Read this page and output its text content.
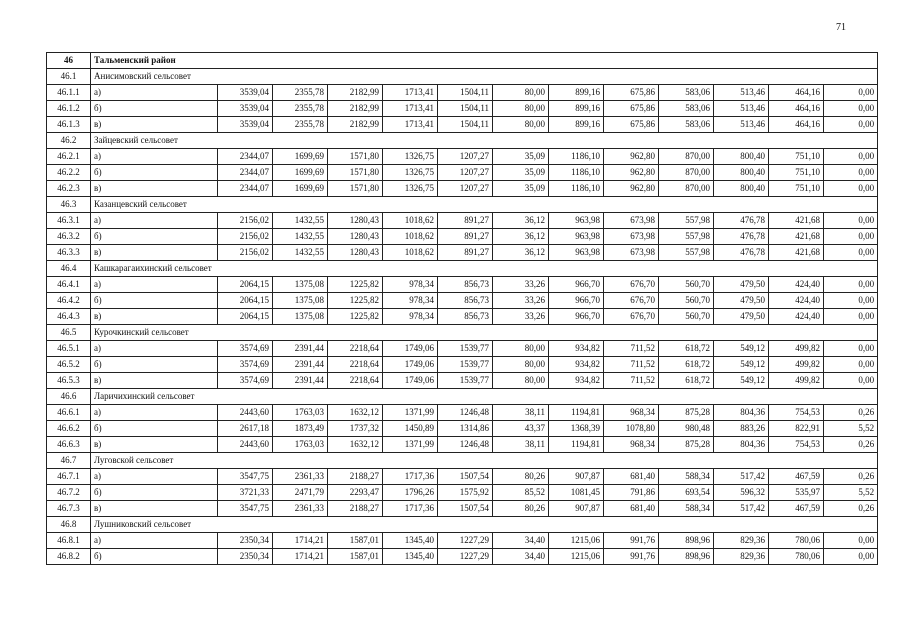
71
46	Тальменский район												
46.1	Анисимовский сельсовет												
46.1.1	а)	3539,04	2355,78	2182,99	1713,41	1504,11	80,00	899,16	675,86	583,06	513,46	464,16	0,00
46.1.2	б)	3539,04	2355,78	2182,99	1713,41	1504,11	80,00	899,16	675,86	583,06	513,46	464,16	0,00
46.1.3	в)	3539,04	2355,78	2182,99	1713,41	1504,11	80,00	899,16	675,86	583,06	513,46	464,16	0,00
46.2	Зайцевский сельсовет												
46.2.1	а)	2344,07	1699,69	1571,80	1326,75	1207,27	35,09	1186,10	962,80	870,00	800,40	751,10	0,00
46.2.2	б)	2344,07	1699,69	1571,80	1326,75	1207,27	35,09	1186,10	962,80	870,00	800,40	751,10	0,00
46.2.3	в)	2344,07	1699,69	1571,80	1326,75	1207,27	35,09	1186,10	962,80	870,00	800,40	751,10	0,00
46.3	Казанцевский сельсовет												
46.3.1	а)	2156,02	1432,55	1280,43	1018,62	891,27	36,12	963,98	673,98	557,98	476,78	421,68	0,00
46.3.2	б)	2156,02	1432,55	1280,43	1018,62	891,27	36,12	963,98	673,98	557,98	476,78	421,68	0,00
46.3.3	в)	2156,02	1432,55	1280,43	1018,62	891,27	36,12	963,98	673,98	557,98	476,78	421,68	0,00
46.4	Кашкарагаихинский сельсовет												
46.4.1	а)	2064,15	1375,08	1225,82	978,34	856,73	33,26	966,70	676,70	560,70	479,50	424,40	0,00
46.4.2	б)	2064,15	1375,08	1225,82	978,34	856,73	33,26	966,70	676,70	560,70	479,50	424,40	0,00
46.4.3	в)	2064,15	1375,08	1225,82	978,34	856,73	33,26	966,70	676,70	560,70	479,50	424,40	0,00
46.5	Курочкинский сельсовет												
46.5.1	а)	3574,69	2391,44	2218,64	1749,06	1539,77	80,00	934,82	711,52	618,72	549,12	499,82	0,00
46.5.2	б)	3574,69	2391,44	2218,64	1749,06	1539,77	80,00	934,82	711,52	618,72	549,12	499,82	0,00
46.5.3	в)	3574,69	2391,44	2218,64	1749,06	1539,77	80,00	934,82	711,52	618,72	549,12	499,82	0,00
46.6	Ларичихинский сельсовет												
46.6.1	а)	2443,60	1763,03	1632,12	1371,99	1246,48	38,11	1194,81	968,34	875,28	804,36	754,53	0,26
46.6.2	б)	2617,18	1873,49	1737,32	1450,89	1314,86	43,37	1368,39	1078,80	980,48	883,26	822,91	5,52
46.6.3	в)	2443,60	1763,03	1632,12	1371,99	1246,48	38,11	1194,81	968,34	875,28	804,36	754,53	0,26
46.7	Луговской сельсовет												
46.7.1	а)	3547,75	2361,33	2188,27	1717,36	1507,54	80,26	907,87	681,40	588,34	517,42	467,59	0,26
46.7.2	б)	3721,33	2471,79	2293,47	1796,26	1575,92	85,52	1081,45	791,86	693,54	596,32	535,97	5,52
46.7.3	в)	3547,75	2361,33	2188,27	1717,36	1507,54	80,26	907,87	681,40	588,34	517,42	467,59	0,26
46.8	Лушниковский сельсовет												
46.8.1	а)	2350,34	1714,21	1587,01	1345,40	1227,29	34,40	1215,06	991,76	898,96	829,36	780,06	0,00
46.8.2	б)	2350,34	1714,21	1587,01	1345,40	1227,29	34,40	1215,06	991,76	898,96	829,36	780,06	0,00
